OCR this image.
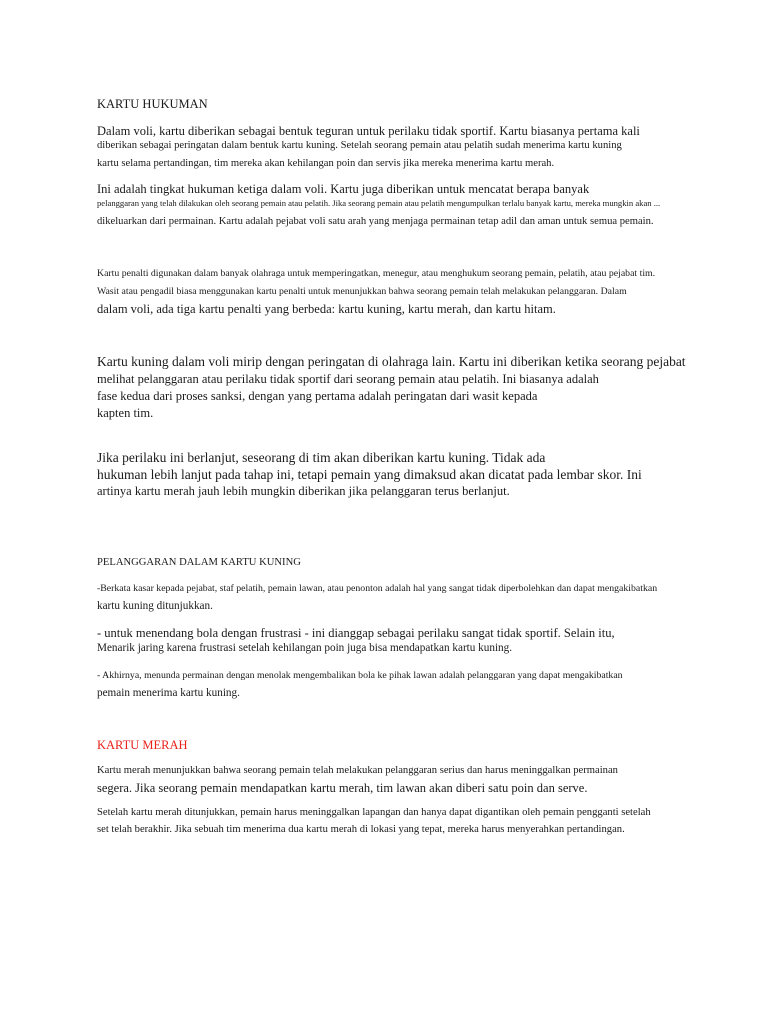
KARTU HUKUMAN
Dalam voli, kartu diberikan sebagai bentuk teguran untuk perilaku tidak sportif. Kartu biasanya pertama kali
diberikan sebagai peringatan dalam bentuk kartu kuning. Setelah seorang pemain atau pelatih sudah menerima kartu kuning
kartu selama pertandingan, tim mereka akan kehilangan poin dan servis jika mereka menerima kartu merah.
Ini adalah tingkat hukuman ketiga dalam voli. Kartu juga diberikan untuk mencatat berapa banyak
pelanggaran yang telah dilakukan oleh seorang pemain atau pelatih. Jika seorang pemain atau pelatih mengumpulkan terlalu banyak kartu, mereka mungkin akan ...
dikeluarkan dari permainan. Kartu adalah pejabat voli satu arah yang menjaga permainan tetap adil dan aman untuk semua pemain.
Kartu penalti digunakan dalam banyak olahraga untuk memperingatkan, menegur, atau menghukum seorang pemain, pelatih, atau pejabat tim.
Wasit atau pengadil biasa menggunakan kartu penalti untuk menunjukkan bahwa seorang pemain telah melakukan pelanggaran. Dalam
dalam voli, ada tiga kartu penalti yang berbeda: kartu kuning, kartu merah, dan kartu hitam.
Kartu kuning dalam voli mirip dengan peringatan di olahraga lain. Kartu ini diberikan ketika seorang pejabat
melihat pelanggaran atau perilaku tidak sportif dari seorang pemain atau pelatih. Ini biasanya adalah
fase kedua dari proses sanksi, dengan yang pertama adalah peringatan dari wasit kepada
kapten tim.
Jika perilaku ini berlanjut, seseorang di tim akan diberikan kartu kuning. Tidak ada
hukuman lebih lanjut pada tahap ini, tetapi pemain yang dimaksud akan dicatat pada lembar skor. Ini
artinya kartu merah jauh lebih mungkin diberikan jika pelanggaran terus berlanjut.
PELANGGARAN DALAM KARTU KUNING
-Berkata kasar kepada pejabat, staf pelatih, pemain lawan, atau penonton adalah hal yang sangat tidak diperbolehkan dan dapat mengakibatkan
kartu kuning ditunjukkan.
- untuk menendang bola dengan frustrasi - ini dianggap sebagai perilaku sangat tidak sportif. Selain itu,
Menarik jaring karena frustrasi setelah kehilangan poin juga bisa mendapatkan kartu kuning.
- Akhirnya, menunda permainan dengan menolak mengembalikan bola ke pihak lawan adalah pelanggaran yang dapat mengakibatkan
pemain menerima kartu kuning.
KARTU MERAH
Kartu merah menunjukkan bahwa seorang pemain telah melakukan pelanggaran serius dan harus meninggalkan permainan
segera. Jika seorang pemain mendapatkan kartu merah, tim lawan akan diberi satu poin dan serve.
Setelah kartu merah ditunjukkan, pemain harus meninggalkan lapangan dan hanya dapat digantikan oleh pemain pengganti setelah
set telah berakhir. Jika sebuah tim menerima dua kartu merah di lokasi yang tepat, mereka harus menyerahkan pertandingan.
